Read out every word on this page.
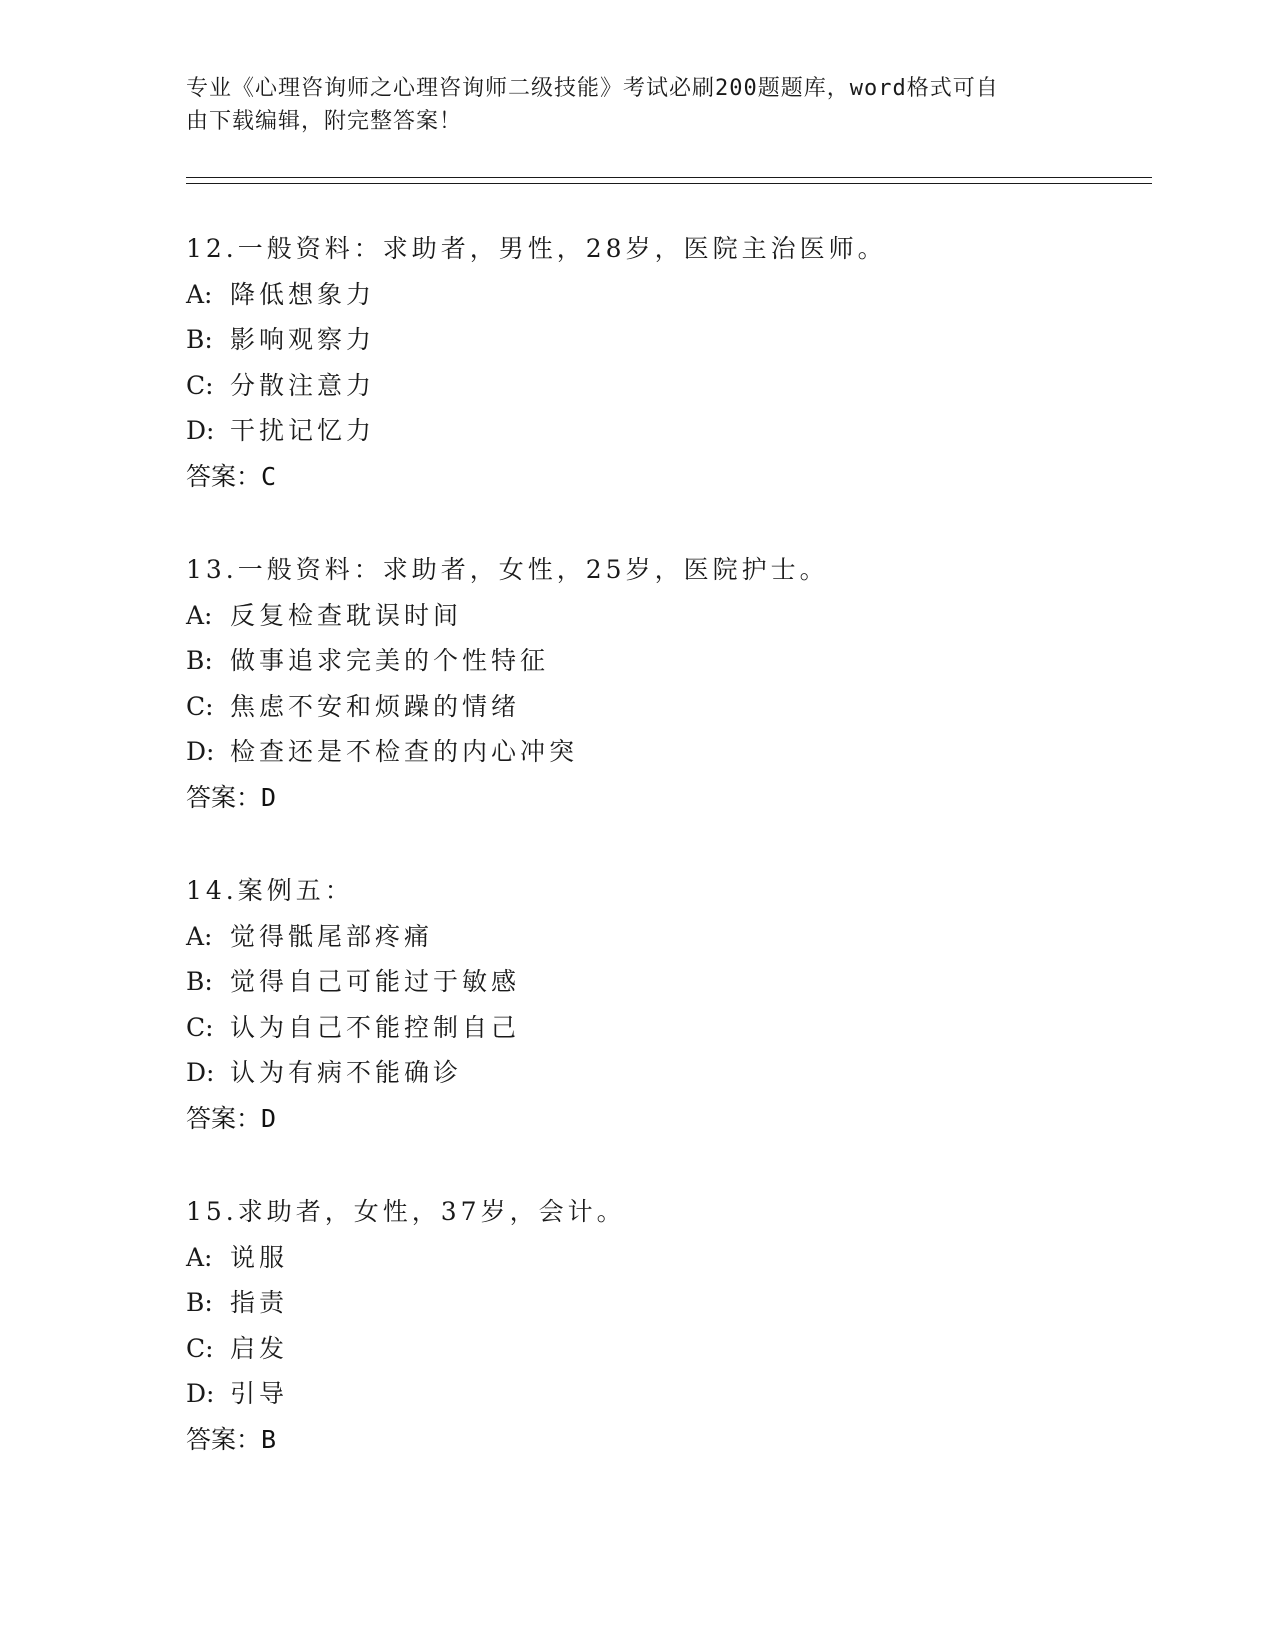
专业《心理咨询师之心理咨询师二级技能》考试必刷200题题库，word格式可自
由下载编辑，附完整答案！
12.一般资料：求助者，男性，28岁，医院主治医师。
A: 降低想象力
B: 影响观察力
C: 分散注意力
D: 干扰记忆力
答案：C
13.一般资料：求助者，女性，25岁，医院护士。
A: 反复检查耽误时间
B: 做事追求完美的个性特征
C: 焦虑不安和烦躁的情绪
D: 检查还是不检查的内心冲突
答案：D
14.案例五：
A: 觉得骶尾部疼痛
B: 觉得自己可能过于敏感
C: 认为自己不能控制自己
D: 认为有病不能确诊
答案：D
15.求助者，女性，37岁，会计。
A: 说服
B: 指责
C: 启发
D: 引导
答案：B
